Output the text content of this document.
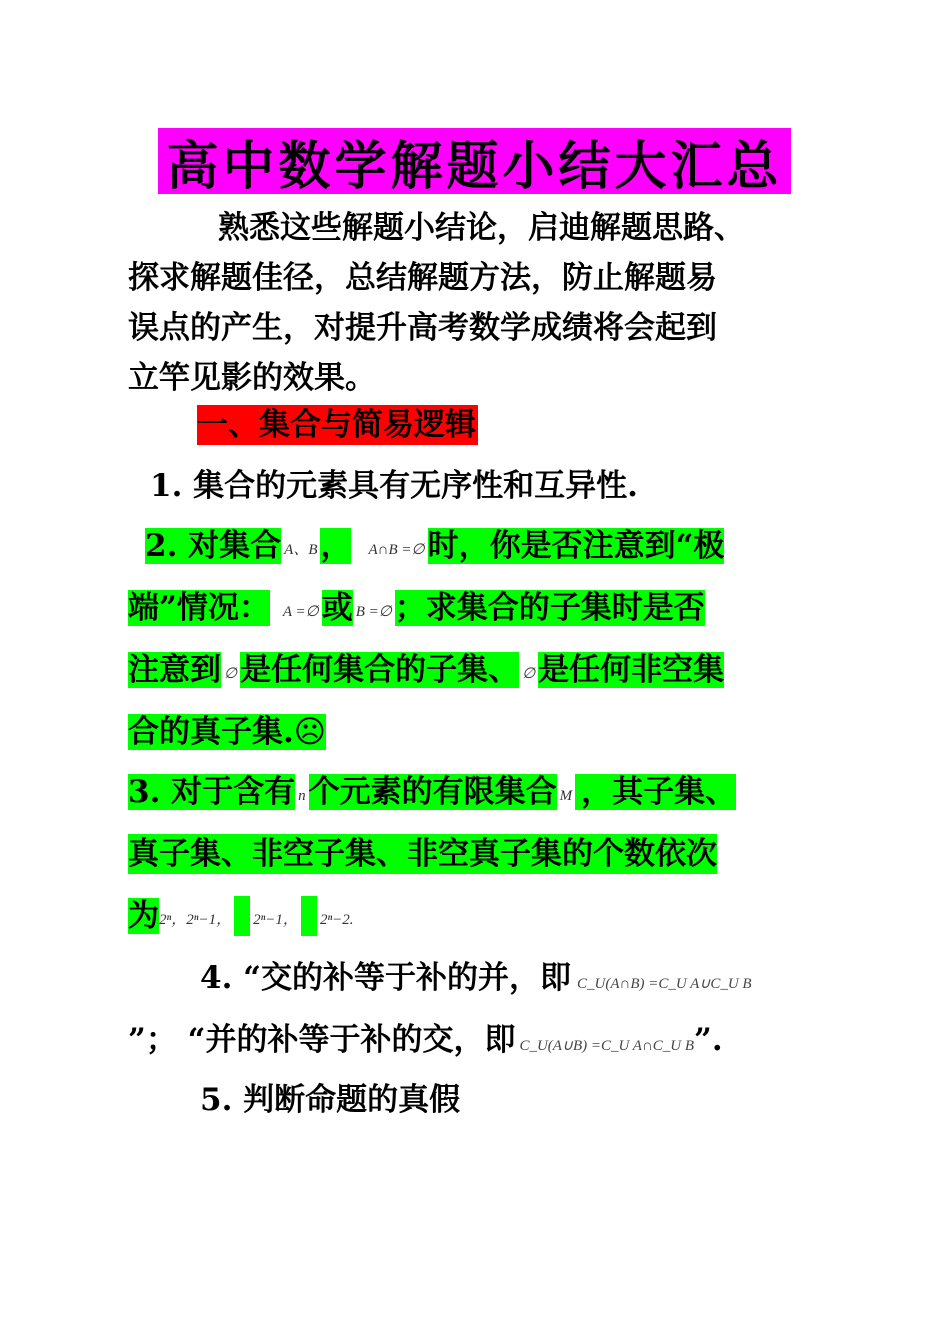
高中数学解题小结大汇总
熟悉这些解题小结论，启迪解题思路、
探求解题佳径，总结解题方法，防止解题易
误点的产生，对提升高考数学成绩将会起到
立竿见影的效果。
一、集合与简易逻辑
1. 集合的元素具有无序性和互异性.
2. 对集合 A、B， A∩B =∅时，你是否注意到“极
端”情况： A =∅或 B =∅；求集合的子集时是否
注意到 ∅是任何集合的子集、 ∅是任何非空集
合的真子集.☹
3. 对于含有 n个元素的有限集合 M ，其子集、
真子集、非空子集、非空真子集的个数依次
为2ⁿ，2ⁿ−1， 2ⁿ−1， 2ⁿ−2.
4. “交的补等于补的并，即 C_U(A∩B) =C_U A∪C_U B
”； “并的补等于补的交，即 C_U(A∪B) =C_U A∩C_U B”.
5. 判断命题的真假
